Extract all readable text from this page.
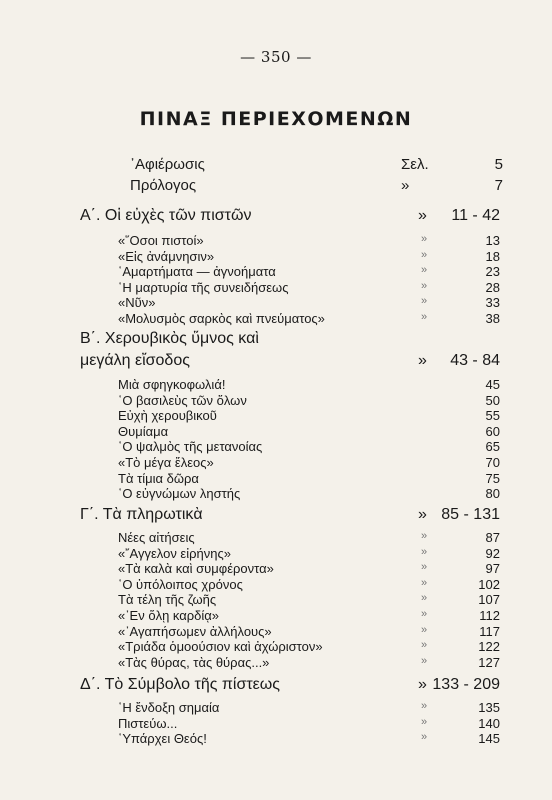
— 350 —
ΠΙΝΑΞ ΠΕΡΙΕΧΟΜΕΝΩΝ
᾿Αφιέρωσις	Σελ.	5
Πρόλογος	»	7
Α΄. Οἱ εὐχὲς τῶν πιστῶν	» 11 - 42
«῞Οσοι πιστοί»	»	13
«Εἰς ἀνάμνησιν»	»	18
῾Αμαρτήματα — ἀγνοήματα	»	23
῾Η μαρτυρία τῆς συνειδήσεως	»	28
«Νῦν»	»	33
«Μολυσμὸς σαρκὸς καὶ πνεύματος»	»	38
Β΄. Χερουβικὸς ὕμνος καὶ
μεγάλη εἴσοδος	» 43 - 84
Μιὰ σφηγκοφωλιά!	45
῾Ο βασιλεὺς τῶν ὅλων	50
Εὐχὴ χερουβικοῦ	55
Θυμίαμα	60
῾Ο ψαλμὸς τῆς μετανοίας	65
«Τὸ μέγα ἔλεος»	70
Τὰ τίμια δῶρα	75
῾Ο εὐγνώμων ληστής	80
Γ΄. Τὰ πληρωτικὰ	» 85 - 131
Νέες αἰτήσεις	»	87
«῎Αγγελον εἰρήνης»	»	92
«Τὰ καλὰ καὶ συμφέροντα»	»	97
῾Ο ὑπόλοιπος χρόνος	»	102
Τὰ τέλη τῆς ζωῆς	»	107
«᾿Εν ὅλῃ καρδίᾳ»	»	112
«᾿Αγαπήσωμεν ἀλλήλους»	»	117
«Τριάδα ὁμοούσιον καὶ ἀχώριστον»	»	122
«Τὰς θύρας, τὰς θύρας...»	»	127
Δ΄. Τὸ Σύμβολο τῆς πίστεως	» 133 - 209
῾Η ἔνδοξη σημαία	»	135
Πιστεύω...	»	140
῾Υπάρχει Θεός!	»	145
